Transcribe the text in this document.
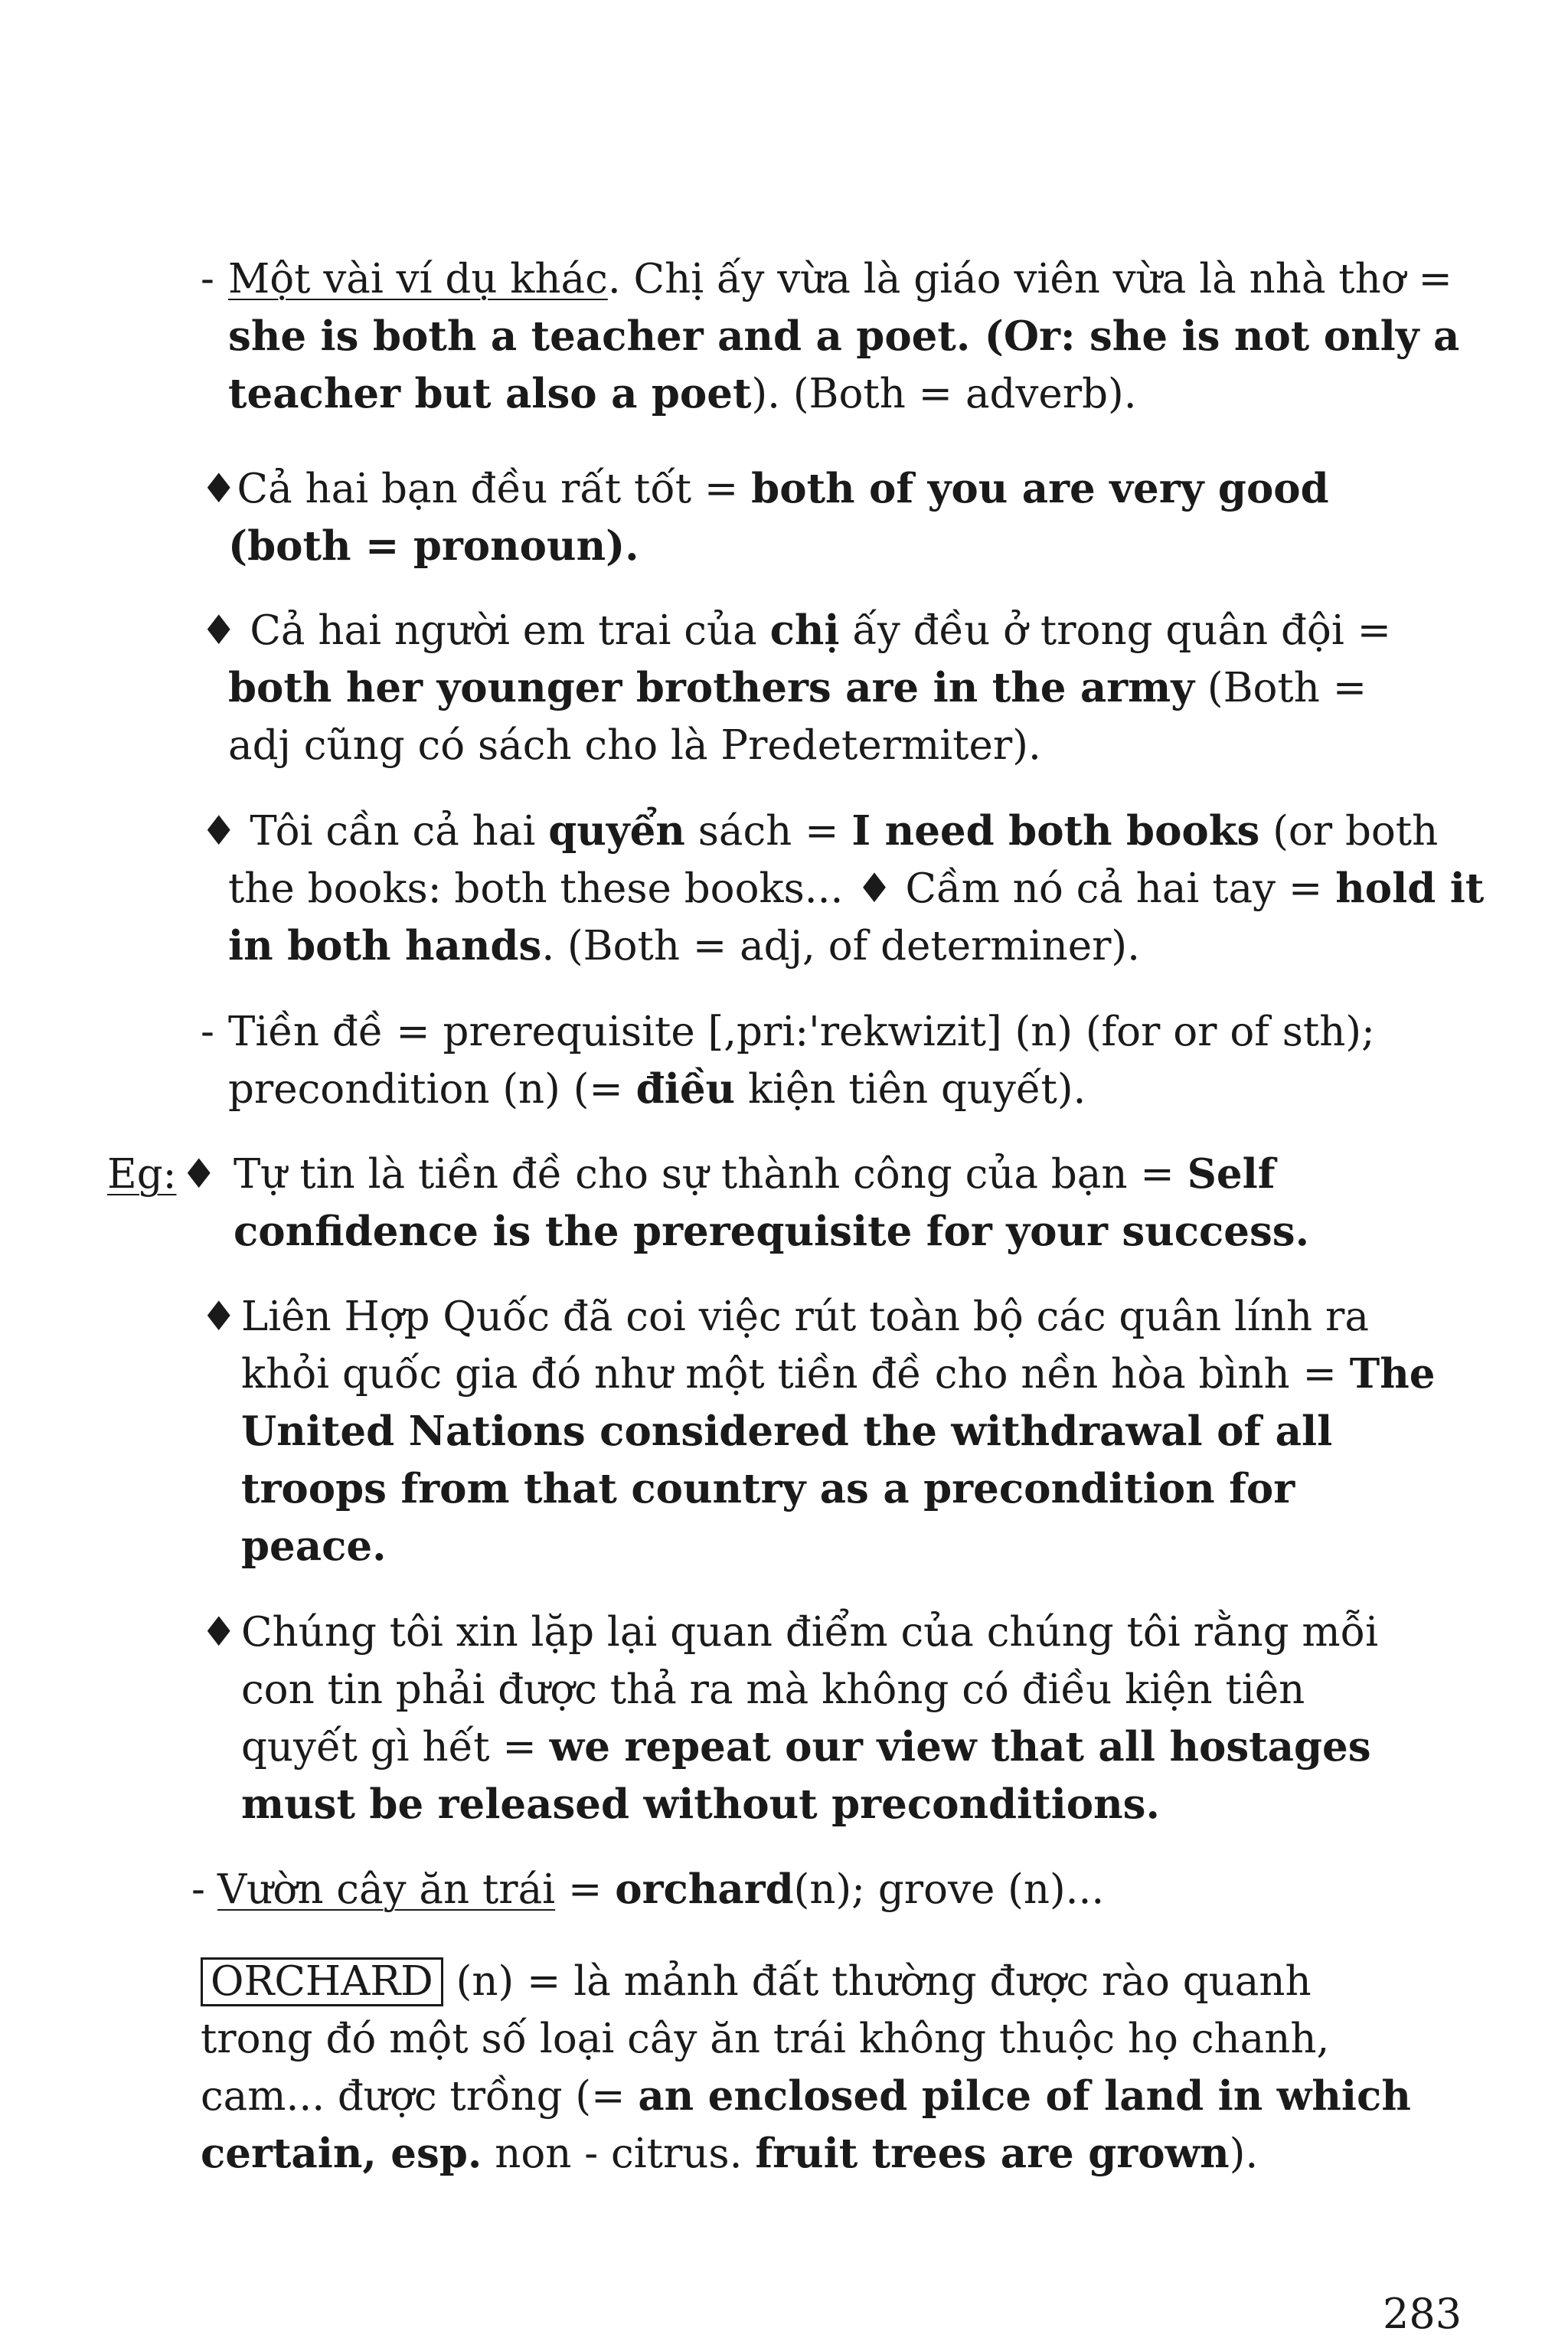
- Một vài ví dụ khác. Chị ấy vừa là giáo viên vừa là nhà thơ =
she is both a teacher and a poet. (Or: she is not only a
teacher but also a poet). (Both = adverb).
♦Cả hai bạn đều rất tốt = both of you are very good
(both = pronoun).
♦ Cả hai người em trai của chị ấy đều ở trong quân đội =
both her younger brothers are in the army (Both =
adj cũng có sách cho là Predetermiter).
♦ Tôi cần cả hai quyển sách = I need both books (or both
the books: both these books... ♦ Cầm nó cả hai tay = hold it
in both hands. (Both = adj, of determiner).
- Tiền đề = prerequisite [,pri:'rekwizit] (n) (for or of sth);
precondition (n) (= điều kiện tiên quyết).
Eg: ♦ Tự tin là tiền đề cho sự thành công của bạn = Self
confidence is the prerequisite for your success.
♦ Liên Hợp Quốc đã coi việc rút toàn bộ các quân lính ra
khỏi quốc gia đó như một tiền đề cho nền hòa bình = The
United Nations considered the withdrawal of all
troops from that country as a precondition for
peace.
♦ Chúng tôi xin lặp lại quan điểm của chúng tôi rằng mỗi
con tin phải được thả ra mà không có điều kiện tiên
quyết gì hết = we repeat our view that all hostages
must be released without preconditions.
- Vườn cây ăn trái = orchard(n); grove (n)...
ORCHARD (n) = là mảnh đất thường được rào quanh
trong đó một số loại cây ăn trái không thuộc họ chanh,
cam... được trồng (= an enclosed pilce of land in which
certain, esp. non - citrus. fruit trees are grown).
283
